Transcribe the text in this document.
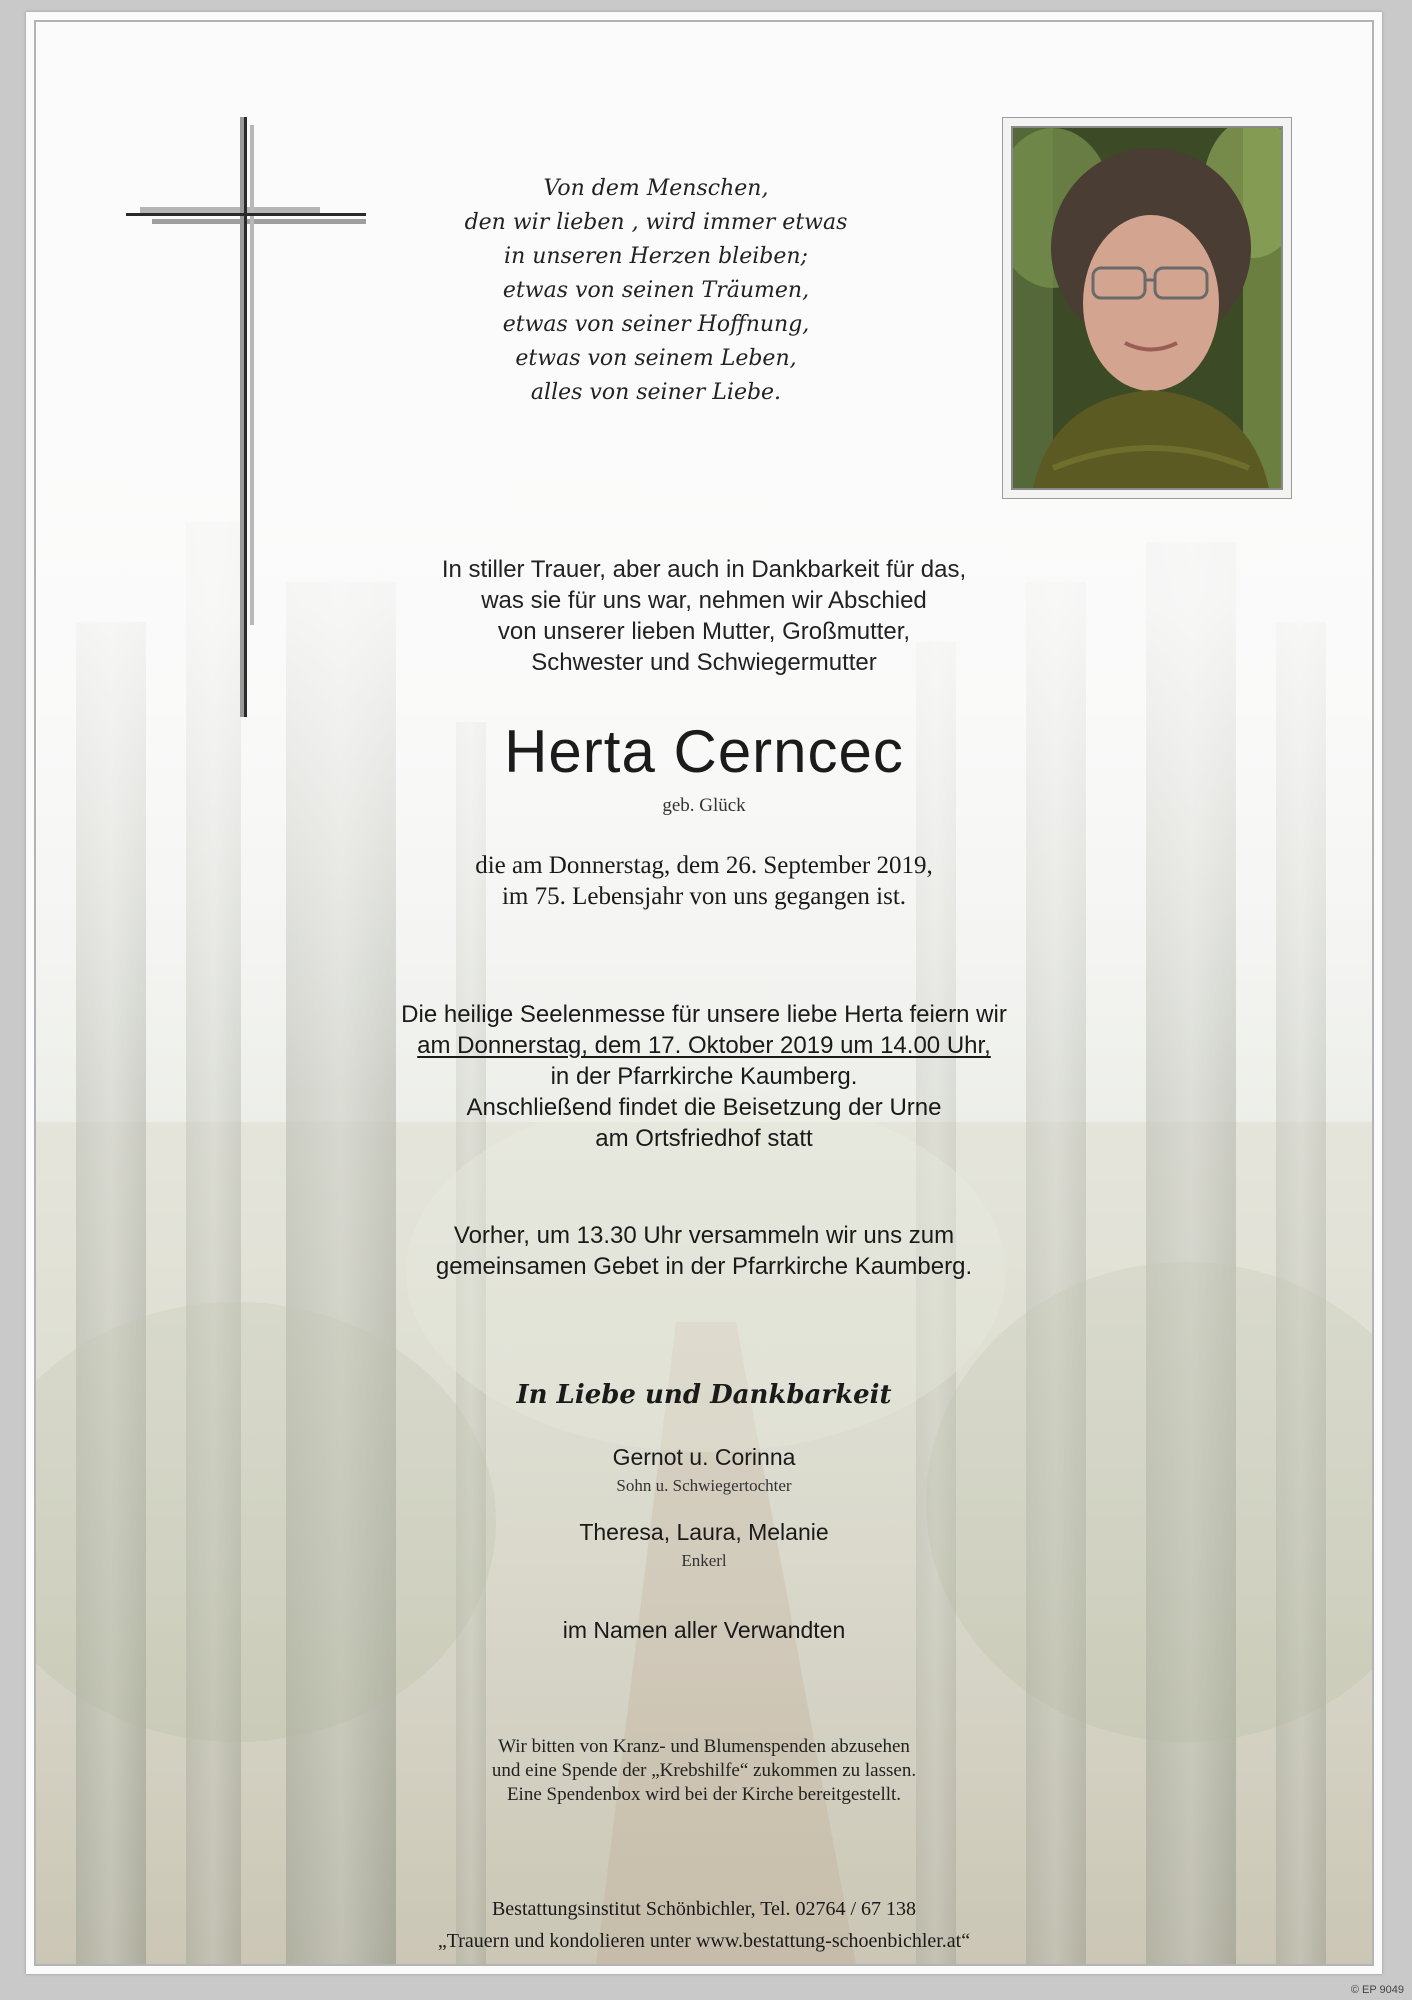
Von dem Menschen,
den wir lieben , wird immer etwas
in unseren Herzen bleiben;
etwas von seinen Träumen,
etwas von seiner Hoffnung,
etwas von seinem Leben,
alles von seiner Liebe.
In stiller Trauer, aber auch in Dankbarkeit für das,
was sie für uns war, nehmen wir Abschied
von unserer lieben Mutter, Großmutter,
Schwester und Schwiegermutter
Herta Cerncec
geb. Glück
die am Donnerstag, dem 26. September 2019,
im 75. Lebensjahr von uns gegangen ist.
Die heilige Seelenmesse für unsere liebe Herta feiern wir
am Donnerstag, dem 17. Oktober 2019 um 14.00 Uhr,
in der Pfarrkirche Kaumberg.
Anschließend findet die Beisetzung der Urne
am Ortsfriedhof statt
Vorher, um 13.30 Uhr versammeln wir uns zum
gemeinsamen Gebet in der Pfarrkirche Kaumberg.
In Liebe und Dankbarkeit
Gernot u. Corinna
Sohn u. Schwiegertochter
Theresa, Laura, Melanie
Enkerl
im Namen aller Verwandten
Wir bitten von Kranz- und Blumenspenden abzusehen
und eine Spende der „Krebshilfe“ zukommen zu lassen.
Eine Spendenbox wird bei der Kirche bereitgestellt.
Bestattungsinstitut Schönbichler, Tel. 02764 / 67 138
„Trauern und kondolieren unter www.bestattung-schoenbichler.at“
© EP 9049
